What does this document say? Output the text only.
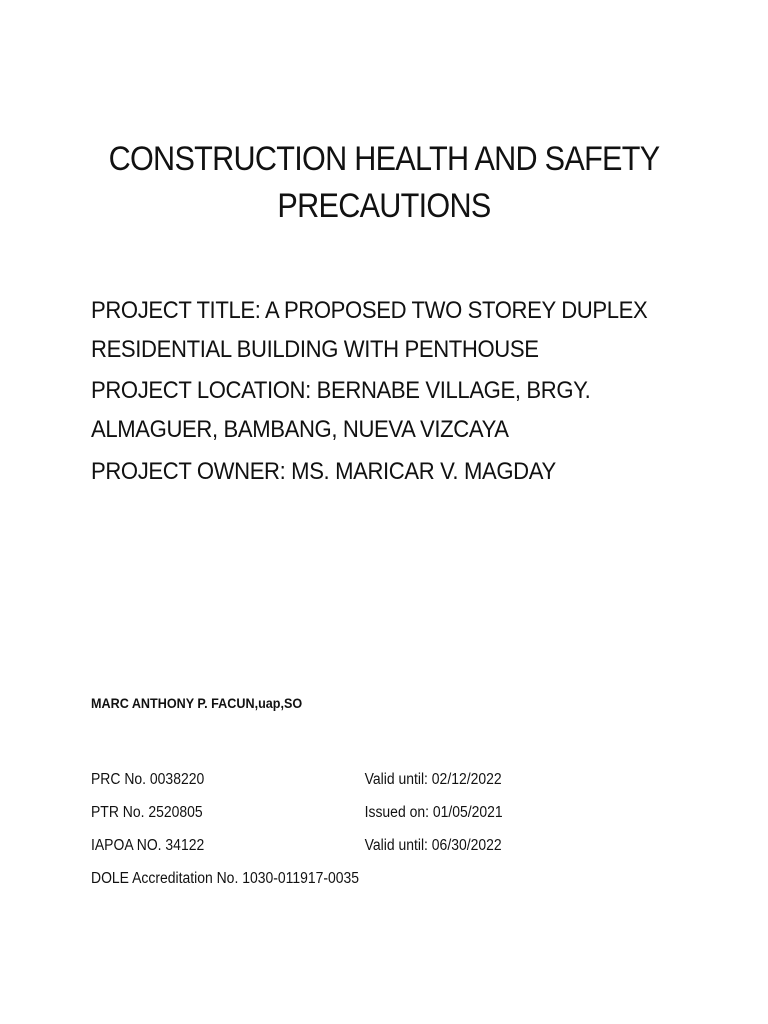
CONSTRUCTION HEALTH AND SAFETY
PRECAUTIONS

PROJECT TITLE: A PROPOSED TWO STOREY DUPLEX
RESIDENTIAL BUILDING WITH PENTHOUSE

PROJECT LOCATION: BERNABE VILLAGE, BRGY.
ALMAGUER, BAMBANG, NUEVA VIZCAYA

PROJECT OWNER: MS. MARICAR V. MAGDAY

MARC ANTHONY P. FACUN,uap,SO

PRC No. 0038220	Valid until: 02/12/2022
PTR No. 2520805	Issued on: 01/05/2021
IAPOA NO. 34122	Valid until: 06/30/2022
DOLE Accreditation No. 1030-011917-0035
